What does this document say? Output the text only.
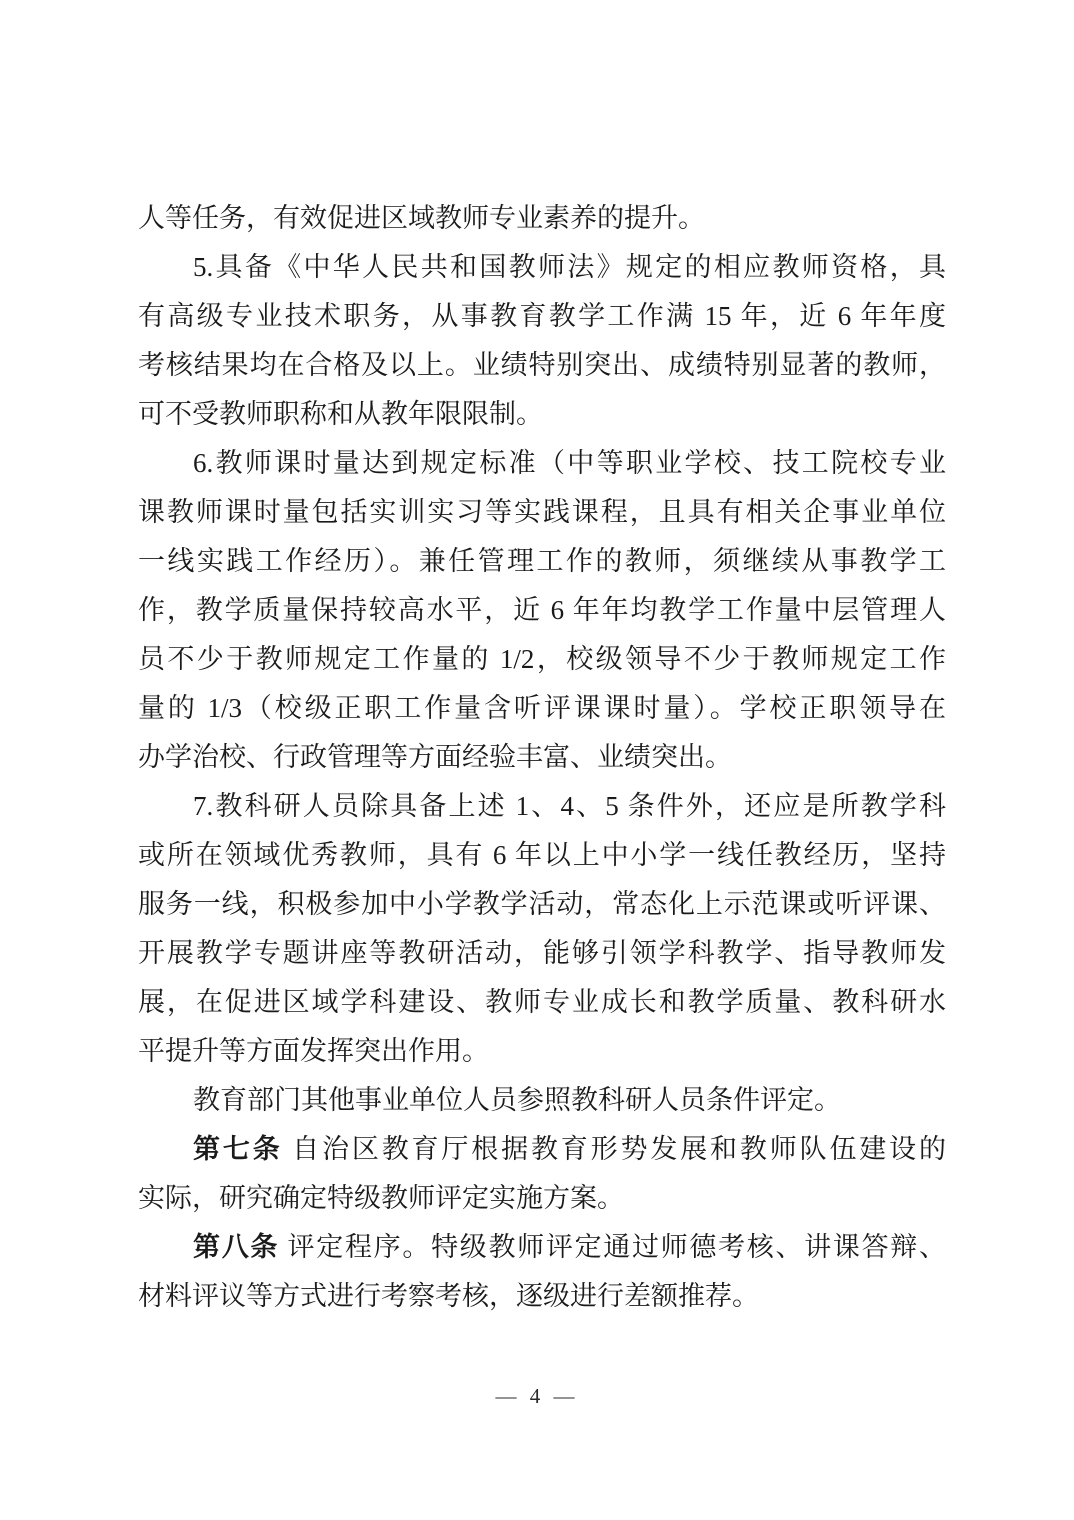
人等任务，有效促进区域教师专业素养的提升。

5.具备《中华人民共和国教师法》规定的相应教师资格，具

有高级专业技术职务，从事教育教学工作满 15 年，近 6 年年度

考核结果均在合格及以上。业绩特别突出、成绩特别显著的教师，

可不受教师职称和从教年限限制。

6.教师课时量达到规定标准（中等职业学校、技工院校专业

课教师课时量包括实训实习等实践课程，且具有相关企事业单位

一线实践工作经历）。兼任管理工作的教师，须继续从事教学工

作，教学质量保持较高水平，近 6 年年均教学工作量中层管理人

员不少于教师规定工作量的 1/2，校级领导不少于教师规定工作

量的 1/3（校级正职工作量含听评课课时量）。学校正职领导在

办学治校、行政管理等方面经验丰富、业绩突出。

7.教科研人员除具备上述 1、4、5 条件外，还应是所教学科

或所在领域优秀教师，具有 6 年以上中小学一线任教经历，坚持

服务一线，积极参加中小学教学活动，常态化上示范课或听评课、

开展教学专题讲座等教研活动，能够引领学科教学、指导教师发

展，在促进区域学科建设、教师专业成长和教学质量、教科研水

平提升等方面发挥突出作用。

教育部门其他事业单位人员参照教科研人员条件评定。

第七条 自治区教育厅根据教育形势发展和教师队伍建设的

实际，研究确定特级教师评定实施方案。

第八条 评定程序。特级教师评定通过师德考核、讲课答辩、

材料评议等方式进行考察考核，逐级进行差额推荐。

— 4 —
